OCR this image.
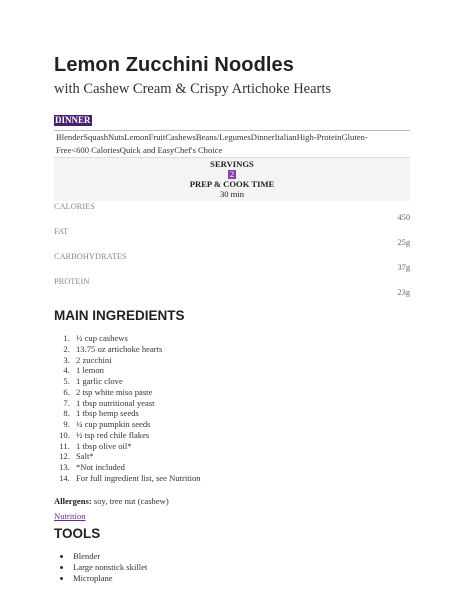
Lemon Zucchini Noodles
with Cashew Cream & Crispy Artichoke Hearts
DINNER
BlenderSquashNutsLemonFruitCashewsBeans/LegumesDinnerItalianHigh-ProteinGluten-
Free<600 CaloriesQuick and EasyChef's Choice
SERVINGS
2
PREP & COOK TIME
30 min
CALORIES
450
FAT
25g
CARBOHYDRATES
37g
PROTEIN
23g
MAIN INGREDIENTS
1. ½ cup cashews
2. 13.75 oz artichoke hearts
3. 2 zucchini
4. 1 lemon
5. 1 garlic clove
6. 2 tsp white miso paste
7. 1 tbsp nutritional yeast
8. 1 tbsp hemp seeds
9. ¼ cup pumpkin seeds
10. ½ tsp red chile flakes
11. 1 tbsp olive oil*
12. Salt*
13. *Not included
14. For full ingredient list, see Nutrition
Allergens: soy, tree nut (cashew)
Nutrition
TOOLS
• Blender
• Large nonstick skillet
• Microplane
